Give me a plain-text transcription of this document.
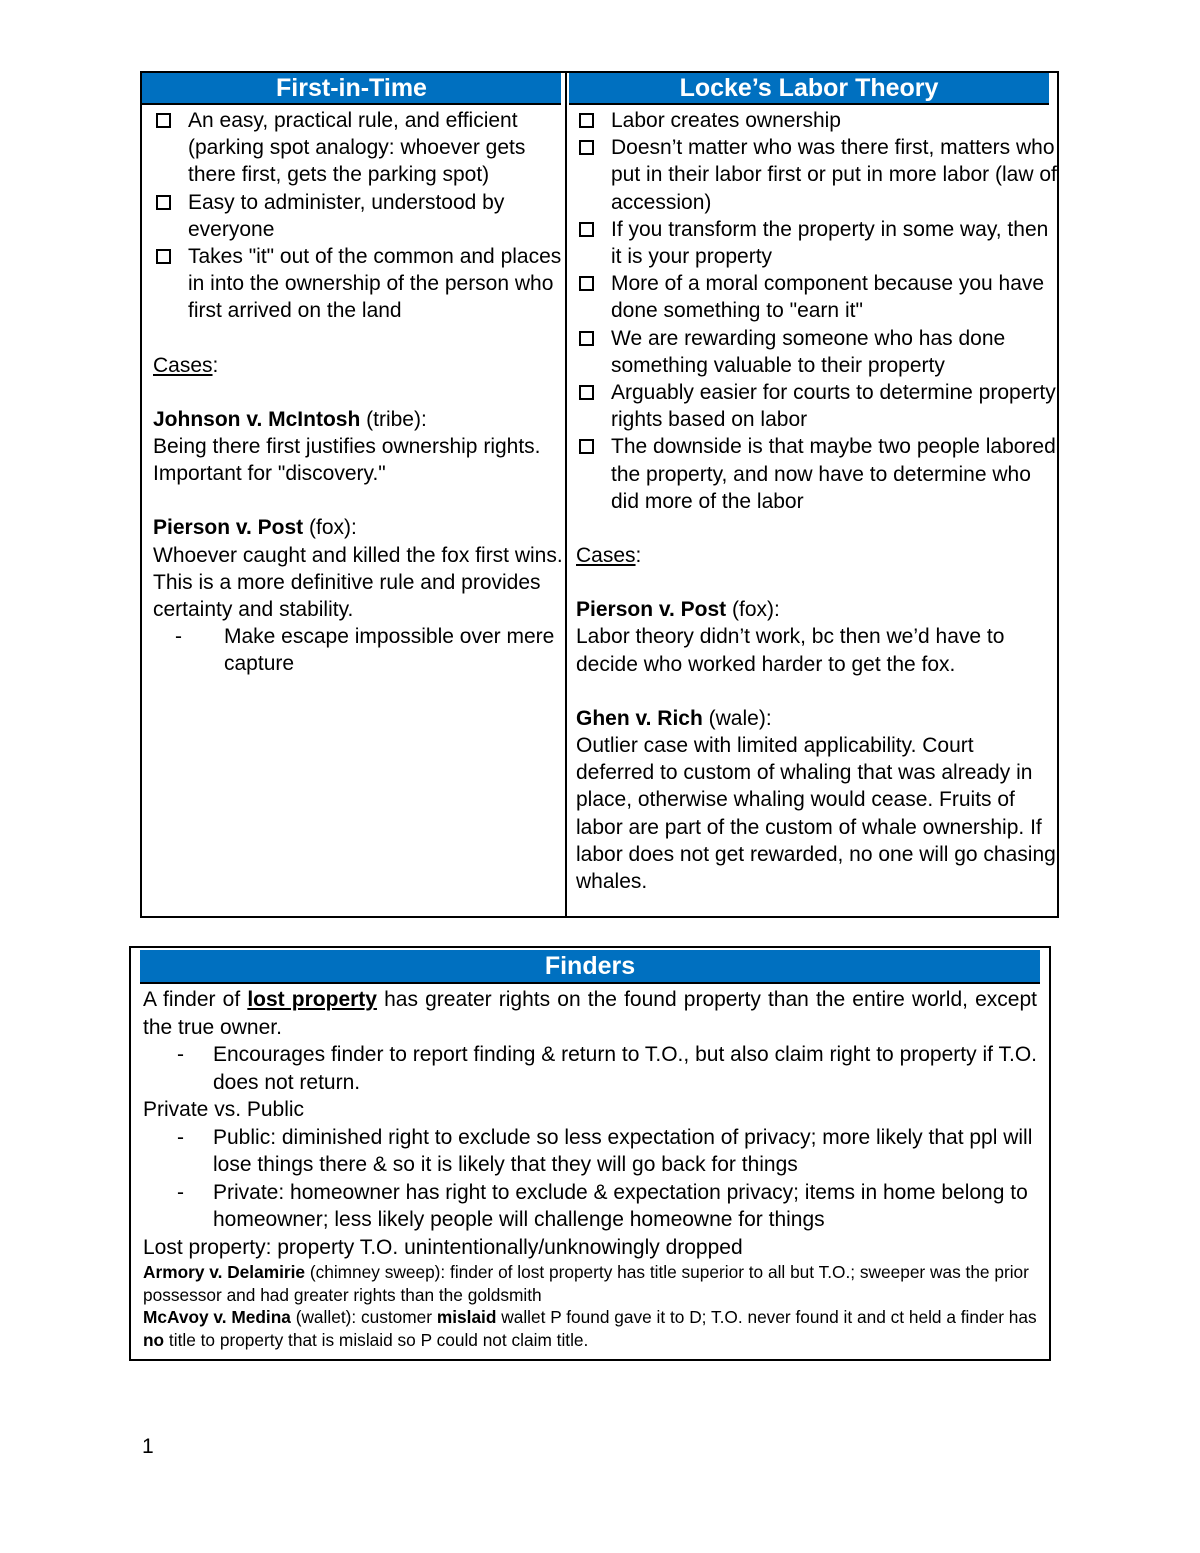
First-in-Time
An easy, practical rule, and efficient (parking spot analogy: whoever gets there first, gets the parking spot)
Easy to administer, understood by everyone
Takes "it" out of the common and places in into the ownership of the person who first arrived on the land
Cases:
Johnson v. McIntosh (tribe):
Being there first justifies ownership rights. Important for "discovery."
Pierson v. Post (fox):
Whoever caught and killed the fox first wins. This is a more definitive rule and provides certainty and stability.
- Make escape impossible over mere capture
Locke’s Labor Theory
Labor creates ownership
Doesn’t matter who was there first, matters who put in their labor first or put in more labor (law of accession)
If you transform the property in some way, then it is your property
More of a moral component because you have done something to "earn it"
We are rewarding someone who has done something valuable to their property
Arguably easier for courts to determine property rights based on labor
The downside is that maybe two people labored the property, and now have to determine who did more of the labor
Cases:
Pierson v. Post (fox):
Labor theory didn’t work, bc then we’d have to decide who worked harder to get the fox.
Ghen v. Rich (wale):
Outlier case with limited applicability. Court deferred to custom of whaling that was already in place, otherwise whaling would cease. Fruits of labor are part of the custom of whale ownership. If labor does not get rewarded, no one will go chasing whales.
Finders
A finder of lost property has greater rights on the found property than the entire world, except the true owner.
- Encourages finder to report finding & return to T.O., but also claim right to property if T.O. does not return.
Private vs. Public
- Public: diminished right to exclude so less expectation of privacy; more likely that ppl will lose things there & so it is likely that they will go back for things
- Private: homeowner has right to exclude & expectation privacy; items in home belong to homeowner; less likely people will challenge homeowne for things
Lost property: property T.O. unintentionally/unknowingly dropped
Armory v. Delamirie (chimney sweep): finder of lost property has title superior to all but T.O.; sweeper was the prior possessor and had greater rights than the goldsmith
McAvoy v. Medina (wallet): customer mislaid wallet P found gave it to D; T.O. never found it and ct held a finder has no title to property that is mislaid so P could not claim title.
1
